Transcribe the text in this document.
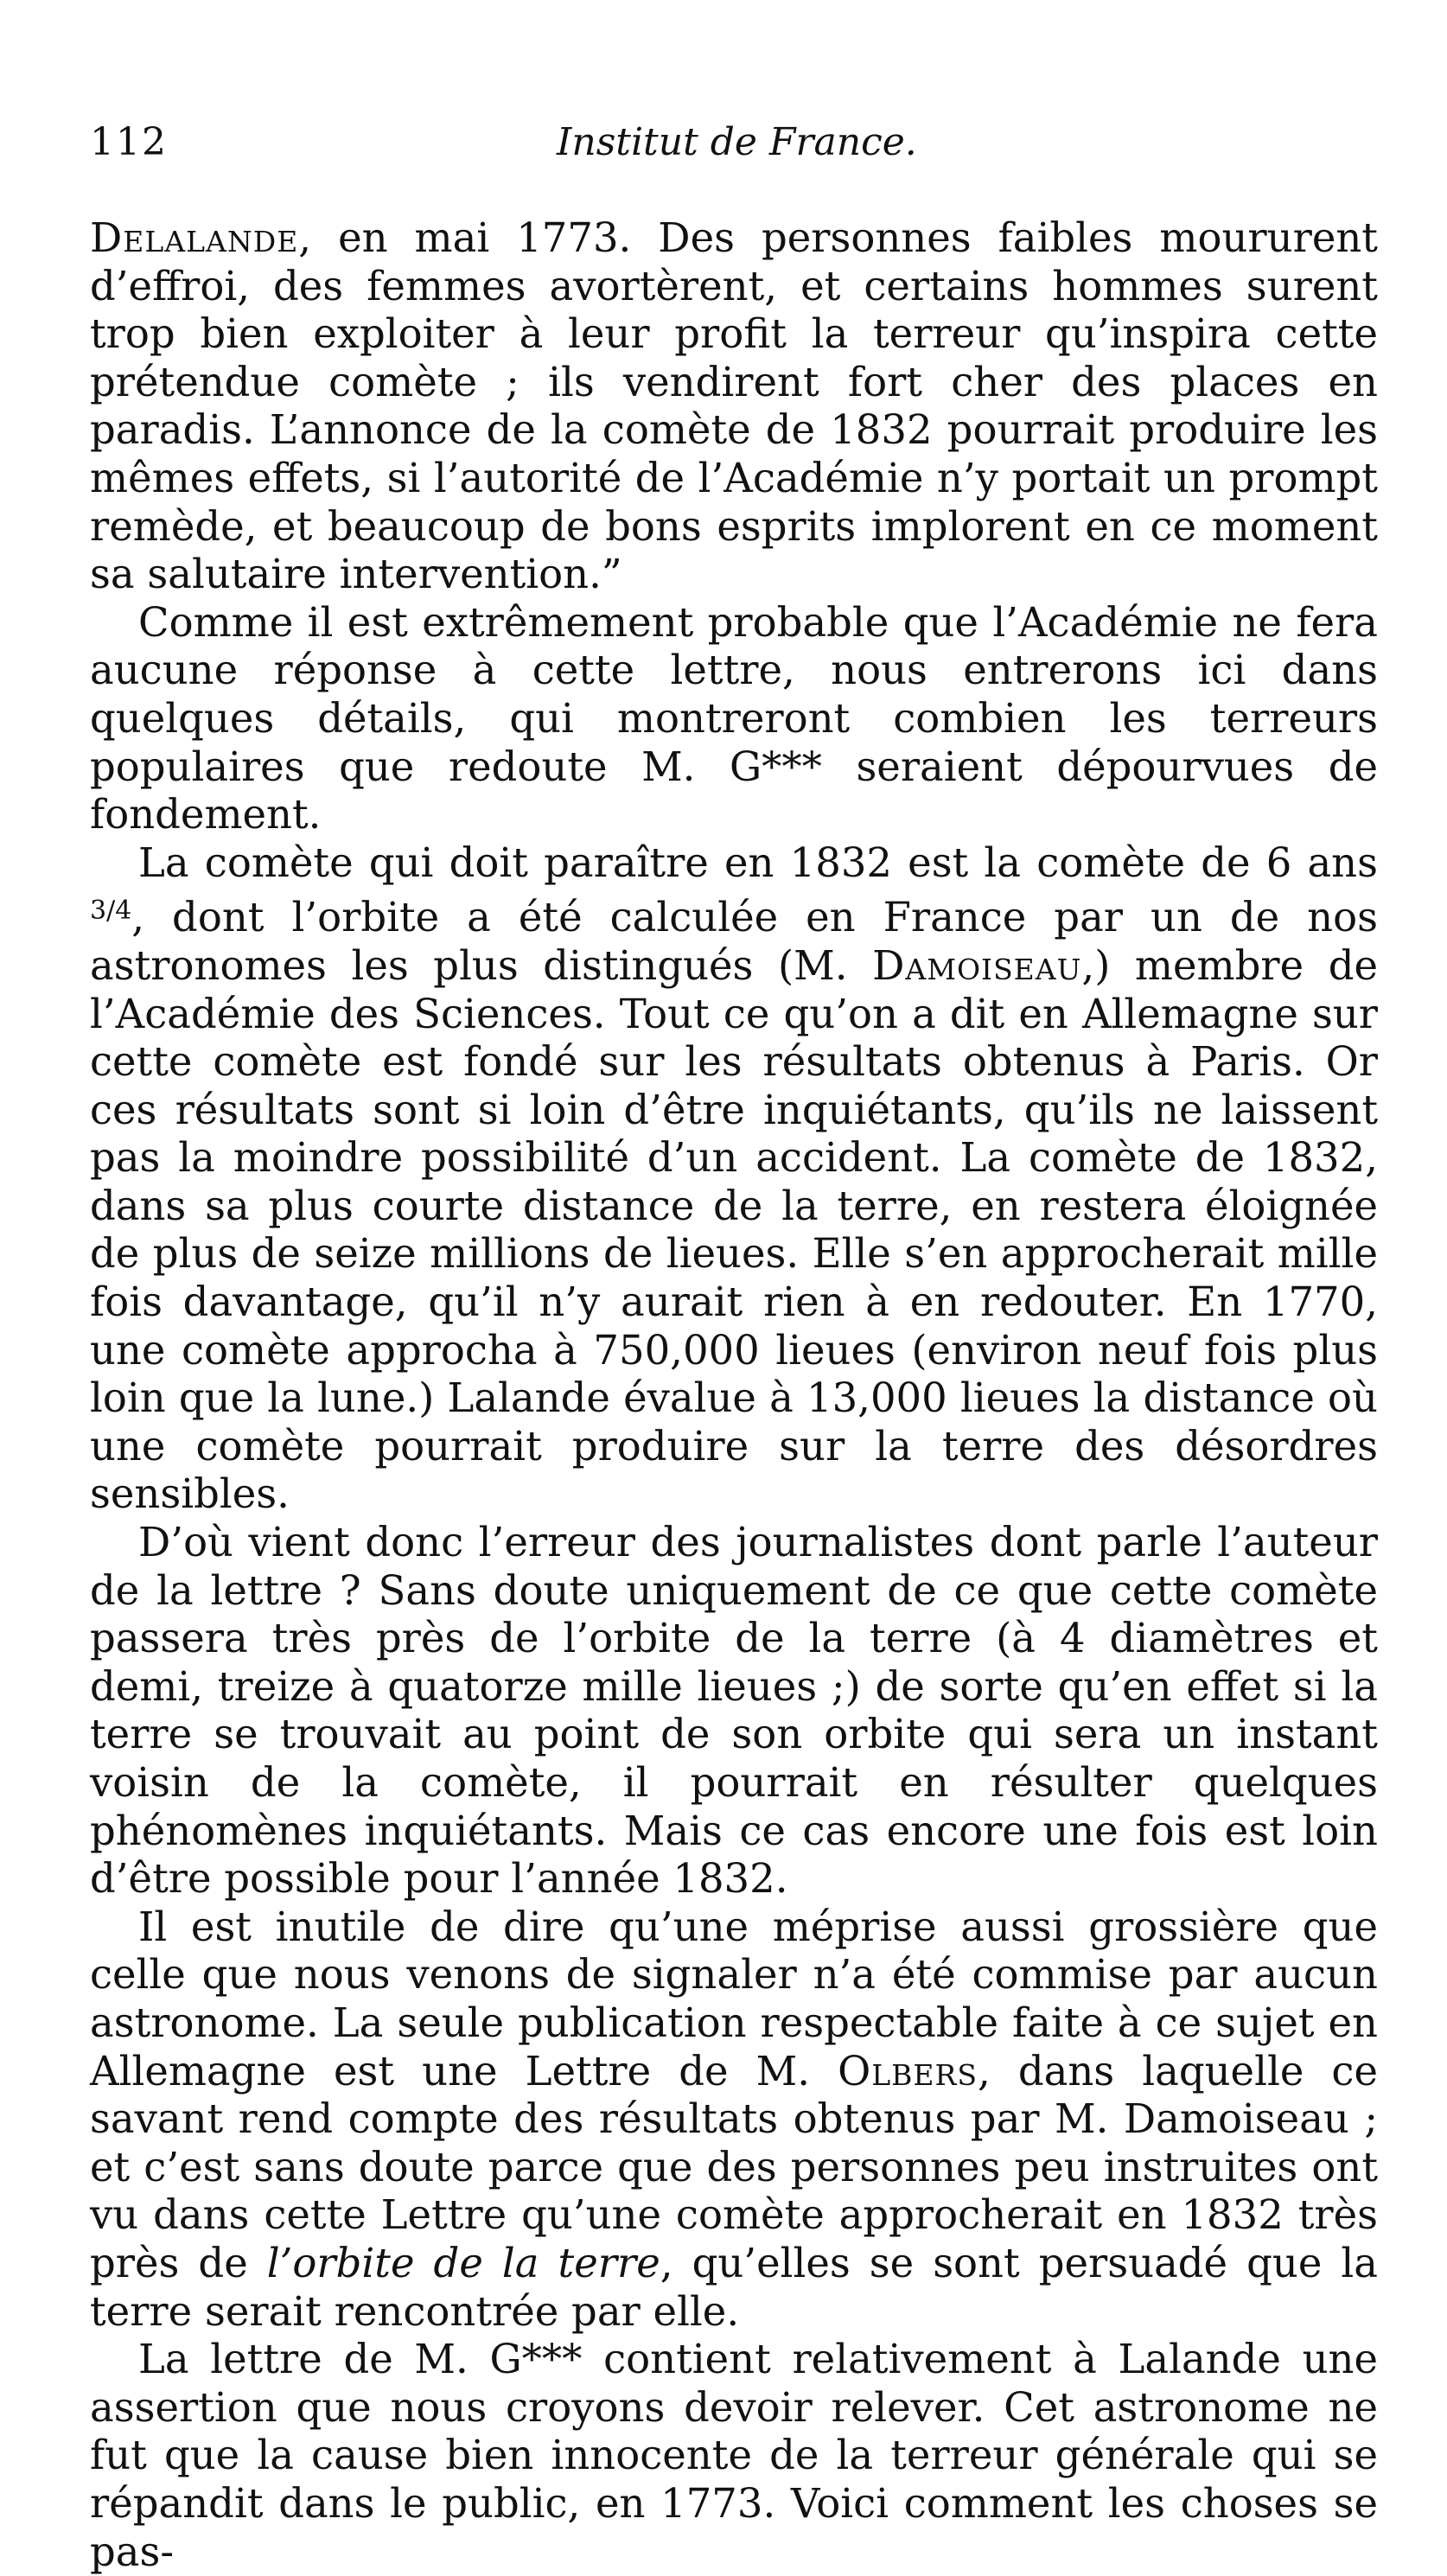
112	Institut de France.

Delalande, en mai 1773. Des personnes faibles moururent d’effroi, des femmes avortèrent, et certains hommes surent trop bien exploiter à leur profit la terreur qu’inspira cette prétendue comète ; ils vendirent fort cher des places en paradis. L’annonce de la comète de 1832 pourrait produire les mêmes effets, si l’autorité de l’Académie n’y portait un prompt remède, et beaucoup de bons esprits implorent en ce moment sa salutaire intervention.”

Comme il est extrêmement probable que l’Académie ne fera aucune réponse à cette lettre, nous entrerons ici dans quelques détails, qui montreront combien les terreurs populaires que redoute M. G*** seraient dépourvues de fondement.

La comète qui doit paraître en 1832 est la comète de 6 ans $^{3/4}$, dont l’orbite a été calculée en France par un de nos astronomes les plus distingués (M. Damoiseau,) membre de l’Académie des Sciences. Tout ce qu’on a dit en Allemagne sur cette comète est fondé sur les résultats obtenus à Paris. Or ces résultats sont si loin d’être inquiétants, qu’ils ne laissent pas la moindre possibilité d’un accident. La comète de 1832, dans sa plus courte distance de la terre, en restera éloignée de plus de seize millions de lieues. Elle s’en approcherait mille fois davantage, qu’il n’y aurait rien à en redouter. En 1770, une comète approcha à 750,000 lieues (environ neuf fois plus loin que la lune.) Lalande évalue à 13,000 lieues la distance où une comète pourrait produire sur la terre des désordres sensibles.

D’où vient donc l’erreur des journalistes dont parle l’auteur de la lettre ? Sans doute uniquement de ce que cette comète passera très près de l’orbite de la terre (à 4 diamètres et demi, treize à quatorze mille lieues ;) de sorte qu’en effet si la terre se trouvait au point de son orbite qui sera un instant voisin de la comète, il pourrait en résulter quelques phénomènes inquiétants. Mais ce cas encore une fois est loin d’être possible pour l’année 1832.

Il est inutile de dire qu’une méprise aussi grossière que celle que nous venons de signaler n’a été commise par aucun astronome. La seule publication respectable faite à ce sujet en Allemagne est une Lettre de M. Olbers, dans laquelle ce savant rend compte des résultats obtenus par M. Damoiseau ; et c’est sans doute parce que des personnes peu instruites ont vu dans cette Lettre qu’une comète approcherait en 1832 très près de l’orbite de la terre, qu’elles se sont persuadé que la terre serait rencontrée par elle.

La lettre de M. G*** contient relativement à Lalande une assertion que nous croyons devoir relever. Cet astronome ne fut que la cause bien innocente de la terreur générale qui se répandit dans le public, en 1773. Voici comment les choses se pas-
